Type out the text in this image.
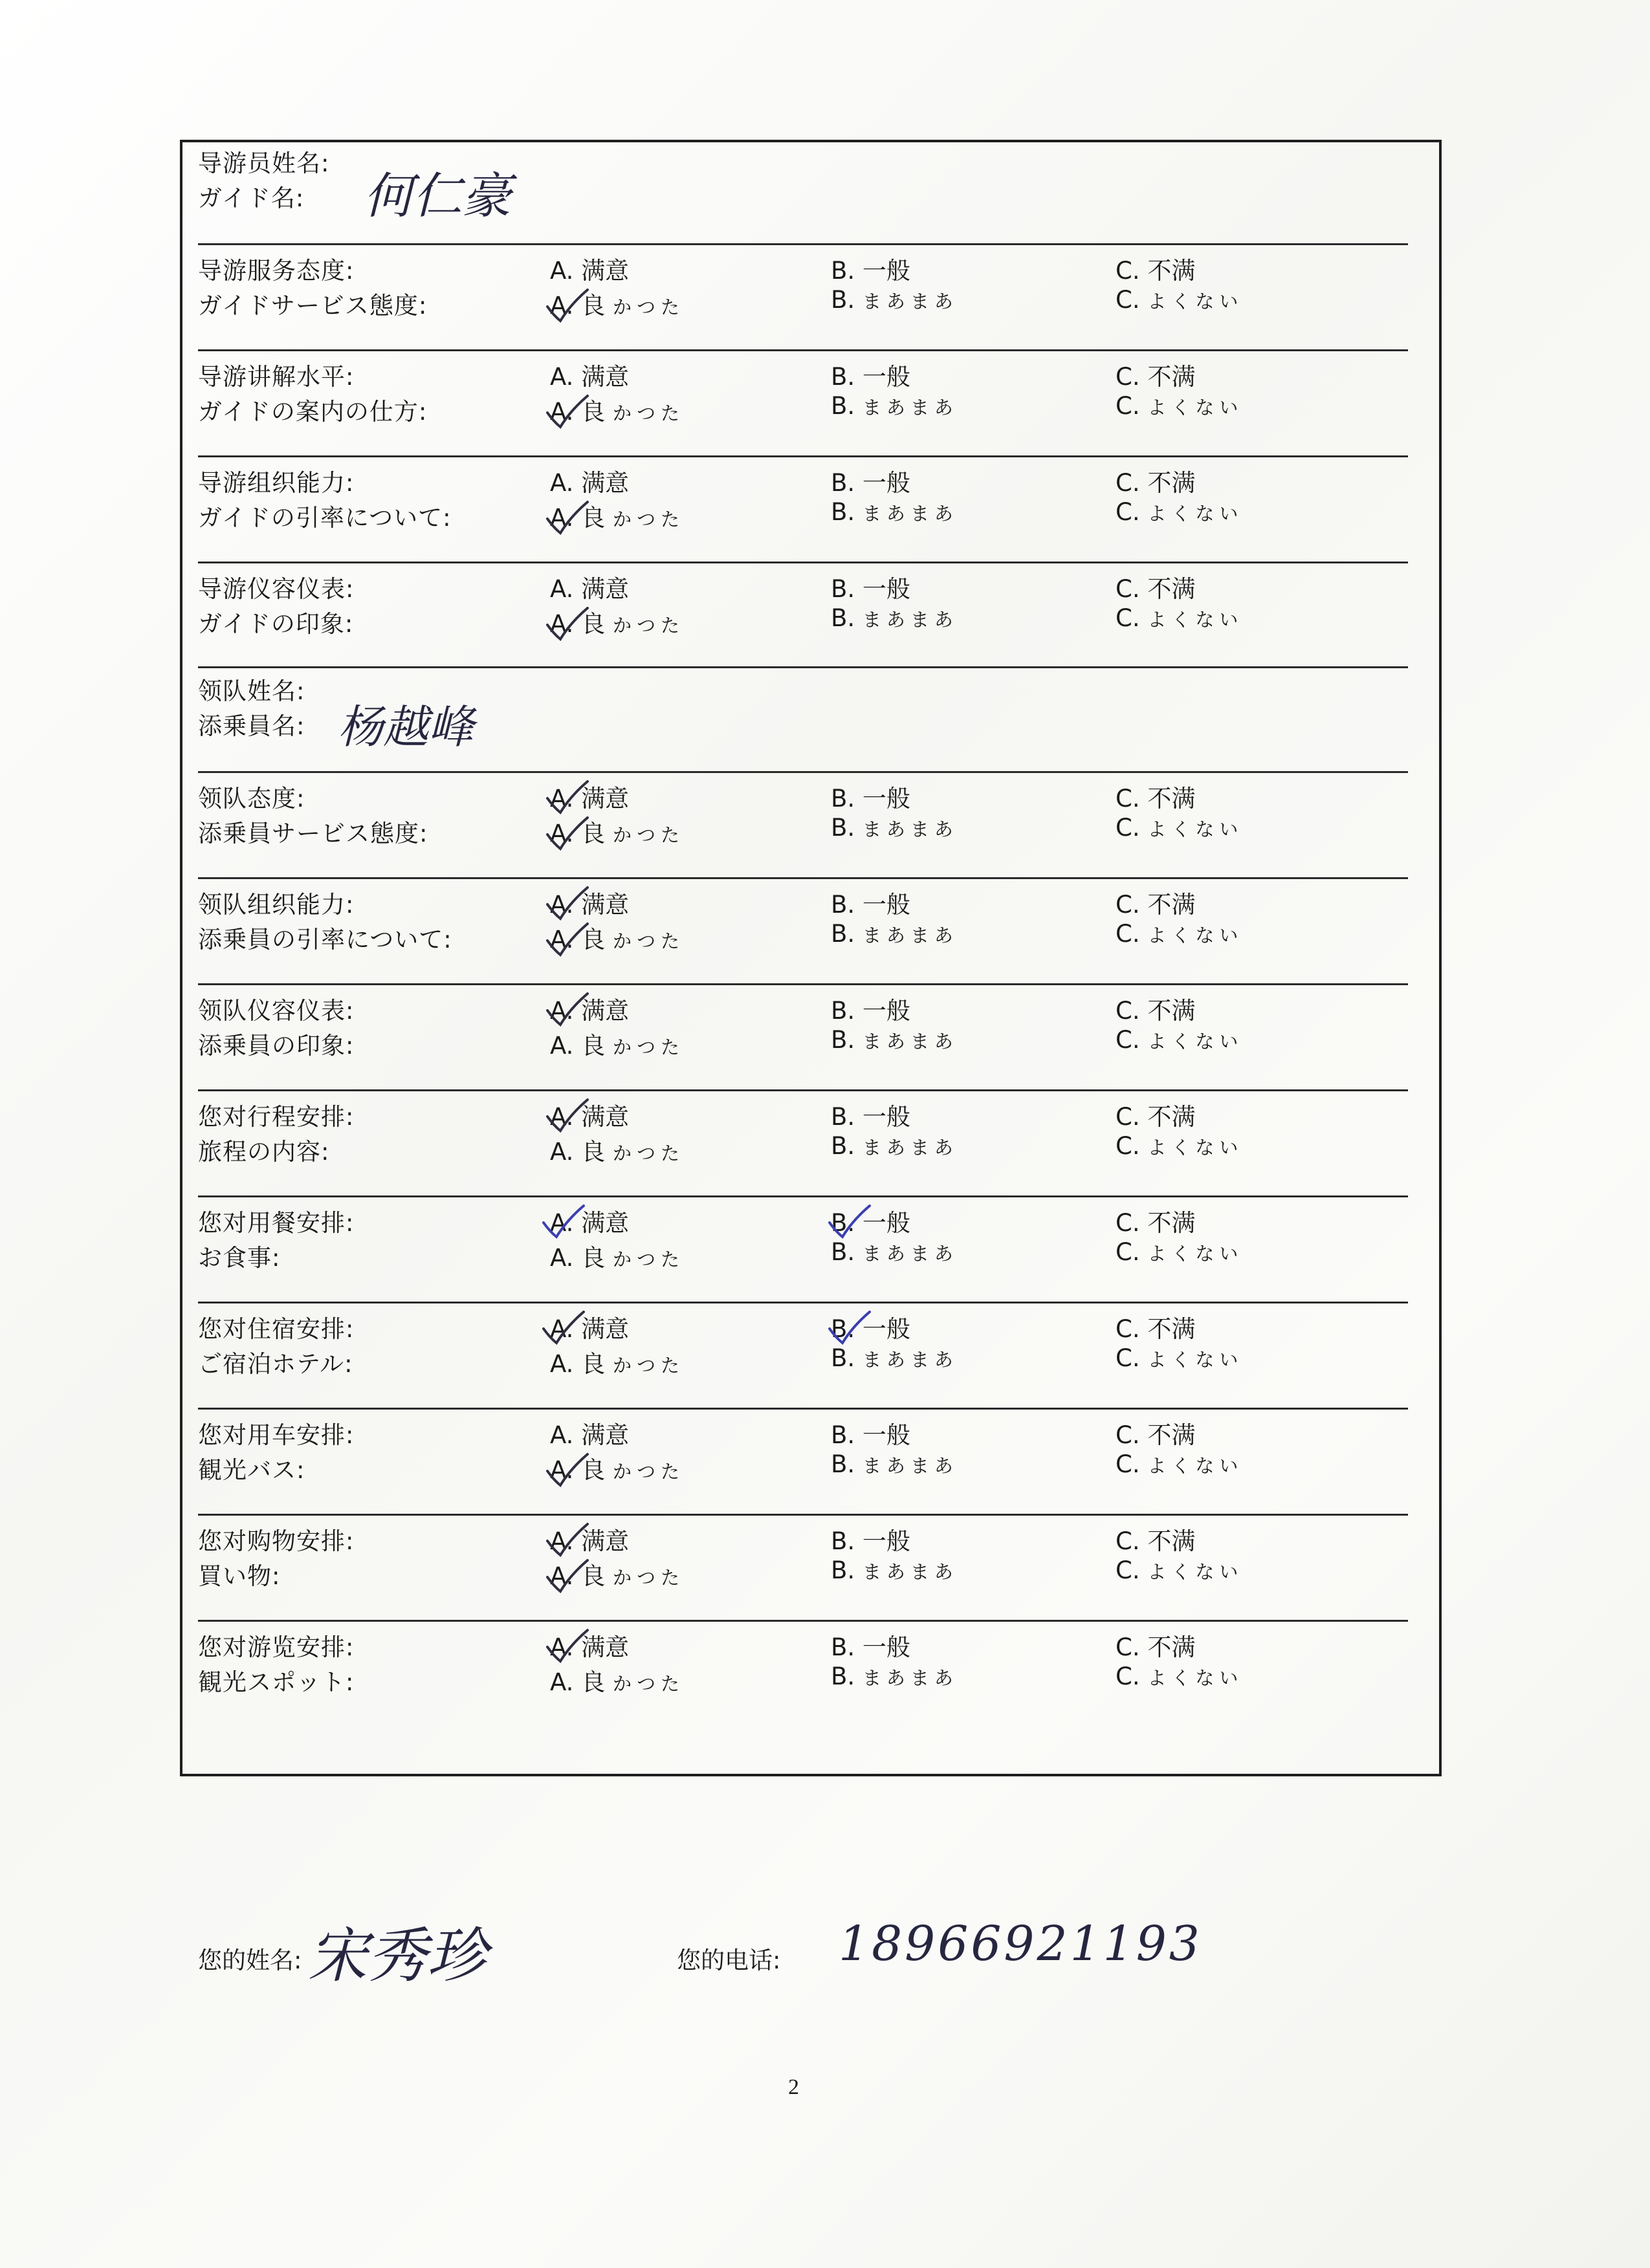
导游员姓名:
ガイド名: 何仁豪
导游服务态度:
ガイドサービス態度:
A. 满意
A. 良 かつた
B. 一般
B. まあまあ
C. 不满
C. よくない
导游讲解水平:
ガイドの案内の仕方:
A. 满意
A. 良 かつた
B. 一般
B. まあまあ
C. 不满
C. よくない
导游组织能力:
ガイドの引率について:
A. 满意
A. 良 かつた
B. 一般
B. まあまあ
C. 不满
C. よくない
导游仪容仪表:
ガイドの印象:
A. 满意
A. 良 かつた
B. 一般
B. まあまあ
C. 不满
C. よくない
领队姓名:
添乗員名: 杨越峰
领队态度:
添乗員サービス態度:
A. 满意
A. 良 かつた
B. 一般
B. まあまあ
C. 不满
C. よくない
领队组织能力:
添乗員の引率について:
A. 满意
A. 良 かつた
B. 一般
B. まあまあ
C. 不满
C. よくない
领队仪容仪表:
添乗員の印象:
A. 满意
A. 良 かつた
B. 一般
B. まあまあ
C. 不满
C. よくない
您对行程安排:
旅程の内容:
A. 满意
A. 良 かつた
B. 一般
B. まあまあ
C. 不满
C. よくない
您对用餐安排:
お食事:
A. 满意
A. 良 かつた
B. 一般
B. まあまあ
C. 不满
C. よくない
您对住宿安排:
ご宿泊ホテル:
A. 满意
A. 良 かつた
B. 一般
B. まあまあ
C. 不满
C. よくない
您对用车安排:
観光バス:
A. 满意
A. 良 かつた
B. 一般
B. まあまあ
C. 不满
C. よくない
您对购物安排:
買い物:
A. 满意
A. 良 かつた
B. 一般
B. まあまあ
C. 不满
C. よくない
您对游览安排:
観光スポット:
A. 满意
A. 良 かつた
B. 一般
B. まあまあ
C. 不满
C. よくない
您的姓名: 宋秀珍	您的电话: 18966921193
2
